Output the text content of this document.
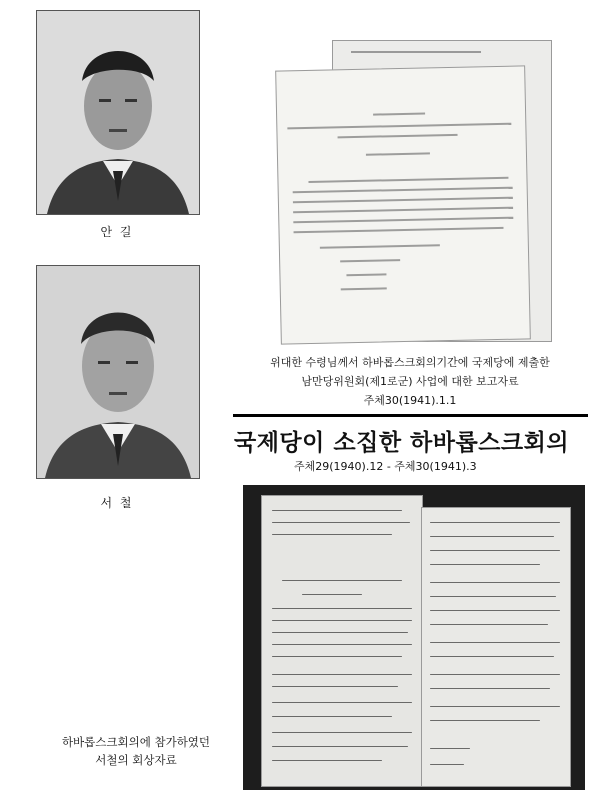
안 길
서 철
위대한 수령님께서 하바롭스크회의기간에 국제당에 제출한
남만당위원회(제1로군) 사업에 대한 보고자료
주체30(1941).1.1
국제당이 소집한 하바롭스크회의
주체29(1940).12 - 주체30(1941).3
하바롭스크회의에 참가하였던
서철의 회상자료
